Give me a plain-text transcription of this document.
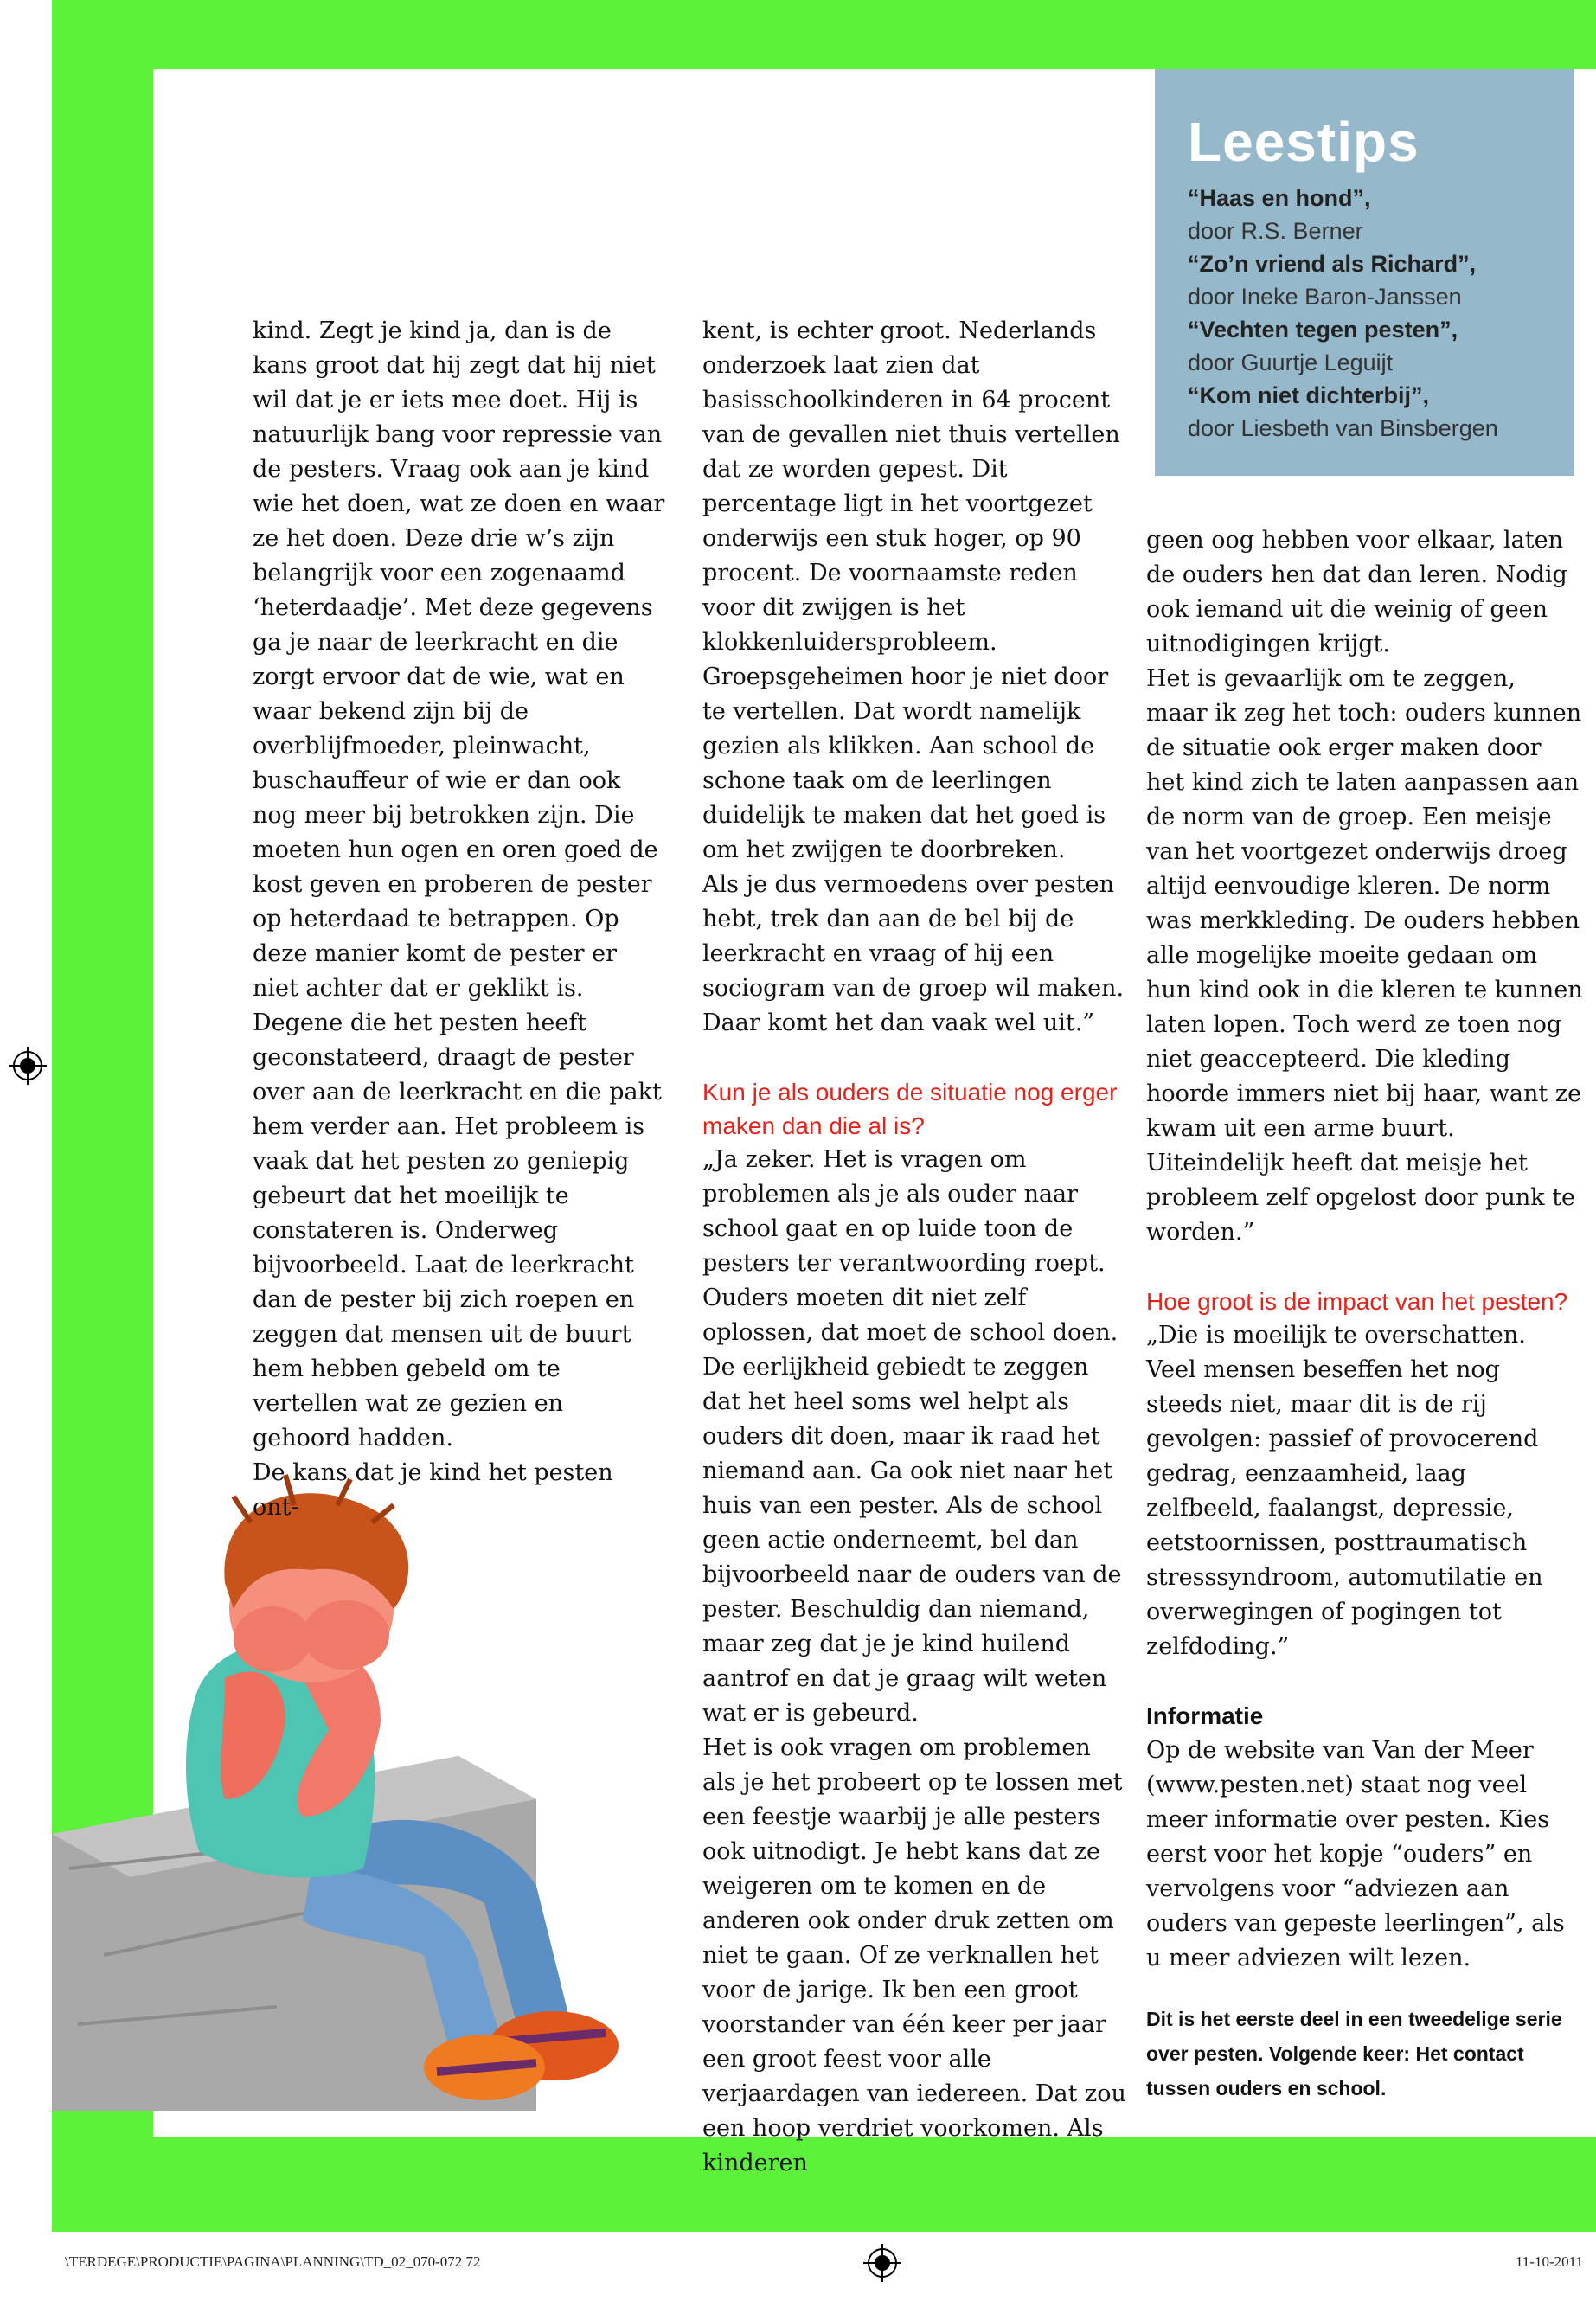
Leestips
“Haas en hond”,
door R.S. Berner
“Zo’n vriend als Richard”,
door Ineke Baron-Janssen
“Vechten tegen pesten”,
door Guurtje Leguijt
“Kom niet dichterbij”,
door Liesbeth van Binsbergen

kind. Zegt je kind ja, dan is de kans groot dat hij zegt dat hij niet wil dat je er iets mee doet. Hij is natuurlijk bang voor repressie van de pesters. Vraag ook aan je kind wie het doen, wat ze doen en waar ze het doen. Deze drie w’s zijn belangrijk voor een zogenaamd ‘heterdaadje’. Met deze gegevens ga je naar de leerkracht en die zorgt ervoor dat de wie, wat en waar bekend zijn bij de overblijfmoeder, pleinwacht, buschauffeur of wie er dan ook nog meer bij betrokken zijn. Die moeten hun ogen en oren goed de kost geven en proberen de pester op heterdaad te betrappen. Op deze manier komt de pester er niet achter dat er geklikt is. Degene die het pesten heeft geconstateerd, draagt de pester over aan de leerkracht en die pakt hem verder aan. Het probleem is vaak dat het pesten zo geniepig gebeurt dat het moeilijk te constateren is. Onderweg bijvoorbeeld. Laat de leerkracht dan de pester bij zich roepen en zeggen dat mensen uit de buurt hem hebben gebeld om te vertellen wat ze gezien en gehoord hadden.

De kans dat je kind het pesten ont-

kent, is echter groot. Nederlands onderzoek laat zien dat basisschoolkinderen in 64 procent van de gevallen niet thuis vertellen dat ze worden gepest. Dit percentage ligt in het voortgezet onderwijs een stuk hoger, op 90 procent. De voornaamste reden voor dit zwijgen is het klokkenluidersprobleem. Groepsgeheimen hoor je niet door te vertellen. Dat wordt namelijk gezien als klikken. Aan school de schone taak om de leerlingen duidelijk te maken dat het goed is om het zwijgen te doorbreken.

Als je dus vermoedens over pesten hebt, trek dan aan de bel bij de leerkracht en vraag of hij een sociogram van de groep wil maken. Daar komt het dan vaak wel uit.”

Kun je als ouders de situatie nog erger maken dan die al is?

„Ja zeker. Het is vragen om problemen als je als ouder naar school gaat en op luide toon de pesters ter verantwoording roept. Ouders moeten dit niet zelf oplossen, dat moet de school doen. De eerlijkheid gebiedt te zeggen dat het heel soms wel helpt als ouders dit doen, maar ik raad het niemand aan. Ga ook niet naar het huis van een pester. Als de school geen actie onderneemt, bel dan bijvoorbeeld naar de ouders van de pester. Beschuldig dan niemand, maar zeg dat je je kind huilend aantrof en dat je graag wilt weten wat er is gebeurd.

Het is ook vragen om problemen als je het probeert op te lossen met een feestje waarbij je alle pesters ook uitnodigt. Je hebt kans dat ze weigeren om te komen en de anderen ook onder druk zetten om niet te gaan. Of ze verknallen het voor de jarige. Ik ben een groot voorstander van één keer per jaar een groot feest voor alle verjaardagen van iedereen. Dat zou een hoop verdriet voorkomen. Als kinderen

geen oog hebben voor elkaar, laten de ouders hen dat dan leren. Nodig ook iemand uit die weinig of geen uitnodigingen krijgt.

Het is gevaarlijk om te zeggen, maar ik zeg het toch: ouders kunnen de situatie ook erger maken door het kind zich te laten aanpassen aan de norm van de groep. Een meisje van het voortgezet onderwijs droeg altijd eenvoudige kleren. De norm was merkkleding. De ouders hebben alle mogelijke moeite gedaan om hun kind ook in die kleren te kunnen laten lopen. Toch werd ze toen nog niet geaccepteerd. Die kleding hoorde immers niet bij haar, want ze kwam uit een arme buurt. Uiteindelijk heeft dat meisje het probleem zelf opgelost door punk te worden.”

Hoe groot is de impact van het pesten?

„Die is moeilijk te overschatten. Veel mensen beseffen het nog steeds niet, maar dit is de rij gevolgen: passief of provocerend gedrag, eenzaamheid, laag zelfbeeld, faalangst, depressie, eetstoornissen, posttraumatisch stresssyndroom, automutilatie en overwegingen of pogingen tot zelfdoding.”

Informatie

Op de website van Van der Meer (www.pesten.net) staat nog veel meer informatie over pesten. Kies eerst voor het kopje “ouders” en vervolgens voor “adviezen aan ouders van gepeste leerlingen”, als u meer adviezen wilt lezen.

Dit is het eerste deel in een tweedelige serie over pesten. Volgende keer: Het contact tussen ouders en school.

\TERDEGE\PRODUCTIE\PAGINA\PLANNING\TD_02_070-072 72	11-10-2011
